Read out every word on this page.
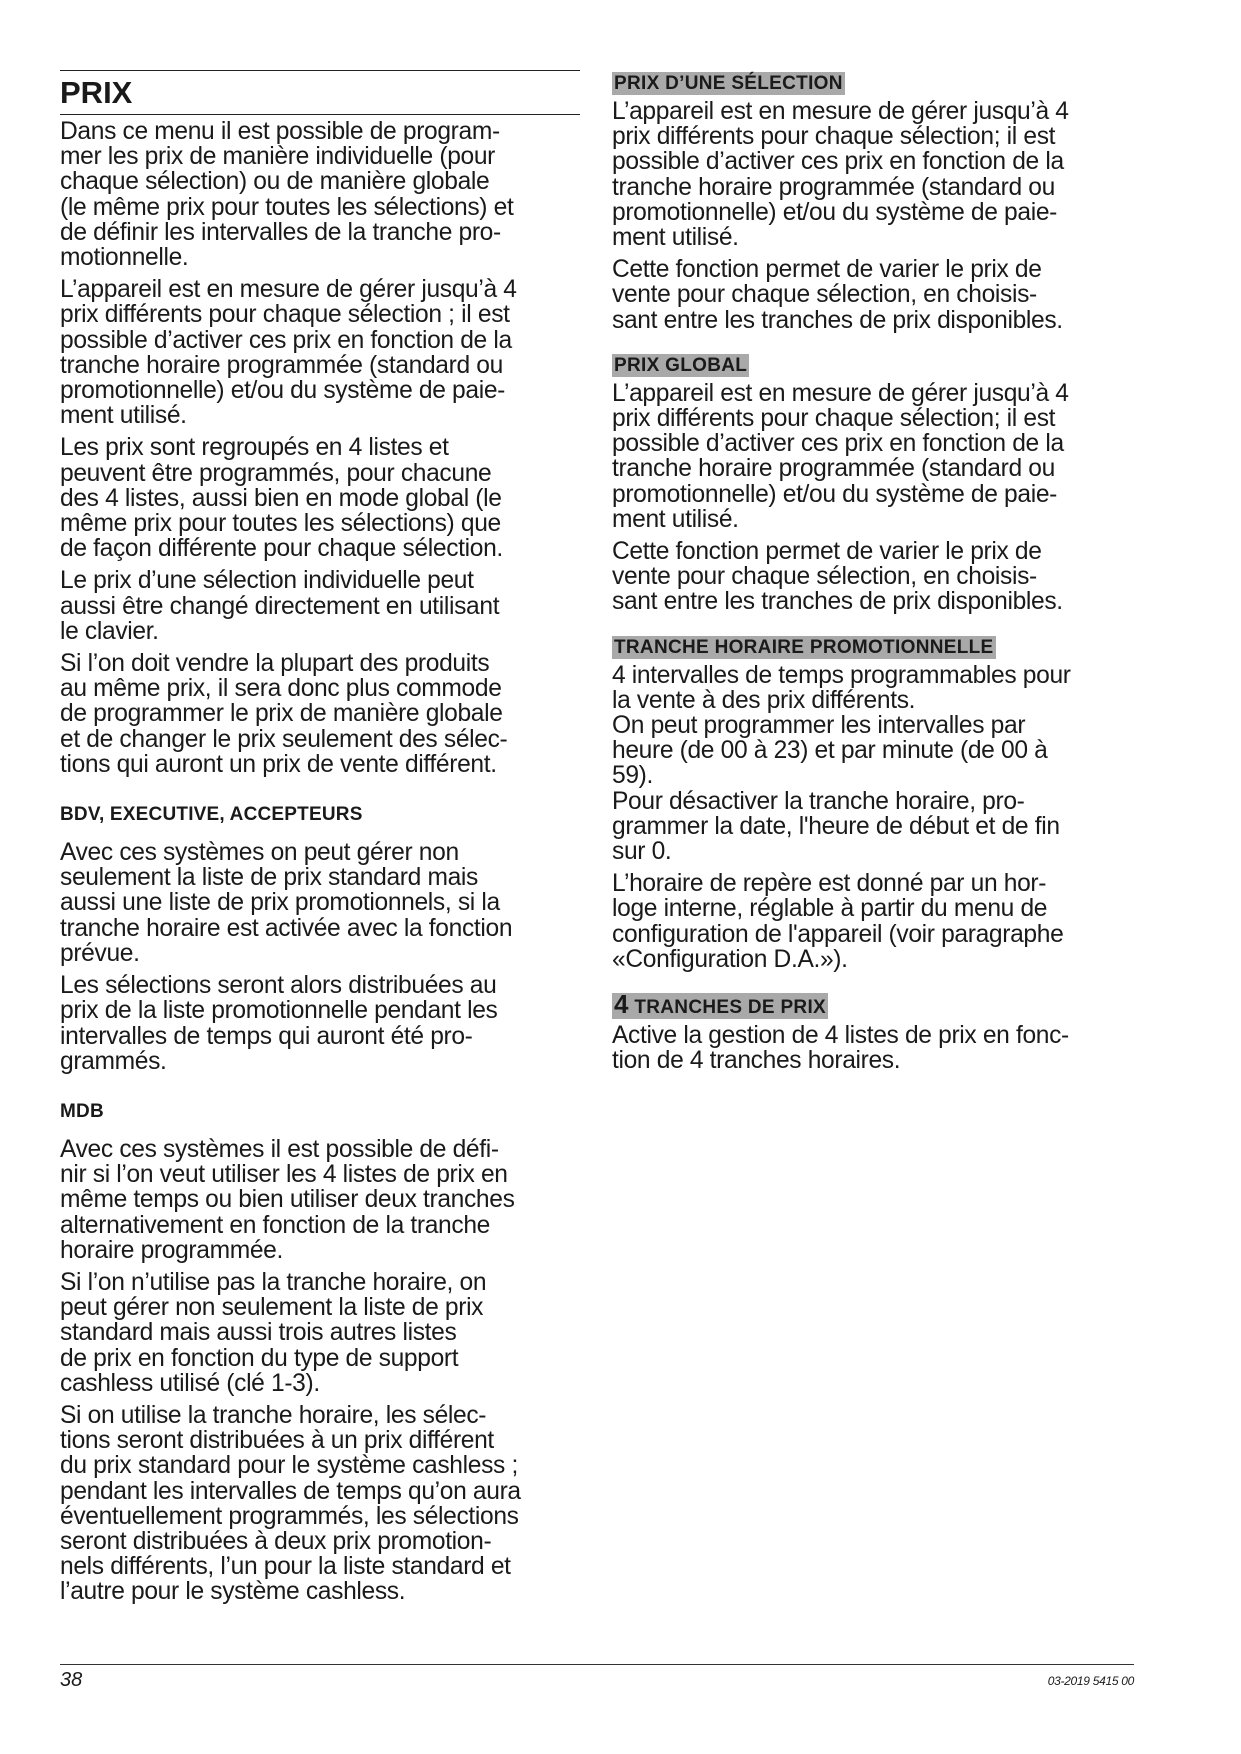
PRIX

Dans ce menu il est possible de program-
mer les prix de manière individuelle (pour
chaque sélection) ou de manière globale
(le même prix pour toutes les sélections) et
de définir les intervalles de la tranche pro-
motionnelle.

L’appareil est en mesure de gérer jusqu’à 4
prix différents pour chaque sélection ; il est
possible d’activer ces prix en fonction de la
tranche horaire programmée (standard ou
promotionnelle) et/ou du système de paie-
ment utilisé.

Les prix sont regroupés en 4 listes et
peuvent être programmés, pour chacune
des 4 listes, aussi bien en mode global (le
même prix pour toutes les sélections) que
de façon différente pour chaque sélection.

Le prix d’une sélection individuelle peut
aussi être changé directement en utilisant
le clavier.

Si l’on doit vendre la plupart des produits
au même prix, il sera donc plus commode
de programmer le prix de manière globale
et de changer le prix seulement des sélec-
tions qui auront un prix de vente différent.

BDV, EXECUTIVE, ACCEPTEURS

Avec ces systèmes on peut gérer non
seulement la liste de prix standard mais
aussi une liste de prix promotionnels, si la
tranche horaire est activée avec la fonction
prévue.

Les sélections seront alors distribuées au
prix de la liste promotionnelle pendant les
intervalles de temps qui auront été pro-
grammés.

MDB

Avec ces systèmes il est possible de défi-
nir si l’on veut utiliser les 4 listes de prix en
même temps ou bien utiliser deux tranches
alternativement en fonction de la tranche
horaire programmée.

Si l’on n’utilise pas la tranche horaire, on
peut gérer non seulement la liste de prix
standard mais aussi trois autres listes
de prix en fonction du type de support
cashless utilisé (clé 1-3).

Si on utilise la tranche horaire, les sélec-
tions seront distribuées à un prix différent
du prix standard pour le système cashless ;
pendant les intervalles de temps qu’on aura
éventuellement programmés, les sélections
seront distribuées à deux prix promotion-
nels différents, l’un pour la liste standard et
l’autre pour le système cashless.

PRIX D’UNE SÉLECTION

L’appareil est en mesure de gérer jusqu’à 4
prix différents pour chaque sélection; il est
possible d’activer ces prix en fonction de la
tranche horaire programmée (standard ou
promotionnelle) et/ou du système de paie-
ment utilisé.

Cette fonction permet de varier le prix de
vente pour chaque sélection, en choisis-
sant entre les tranches de prix disponibles.

PRIX GLOBAL

L’appareil est en mesure de gérer jusqu’à 4
prix différents pour chaque sélection; il est
possible d’activer ces prix en fonction de la
tranche horaire programmée (standard ou
promotionnelle) et/ou du système de paie-
ment utilisé.

Cette fonction permet de varier le prix de
vente pour chaque sélection, en choisis-
sant entre les tranches de prix disponibles.

TRANCHE HORAIRE PROMOTIONNELLE

4 intervalles de temps programmables pour
la vente à des prix différents.
On peut programmer les intervalles par
heure (de 00 à 23) et par minute (de 00 à
59).
Pour désactiver la tranche horaire, pro-
grammer la date, l'heure de début et de fin
sur 0.

L’horaire de repère est donné par un hor-
loge interne, réglable à partir du menu de
configuration de l'appareil (voir paragraphe
«Configuration D.A.»).

4 TRANCHES DE PRIX

Active la gestion de 4 listes de prix en fonc-
tion de 4 tranches horaires.

38	03-2019 5415 00
